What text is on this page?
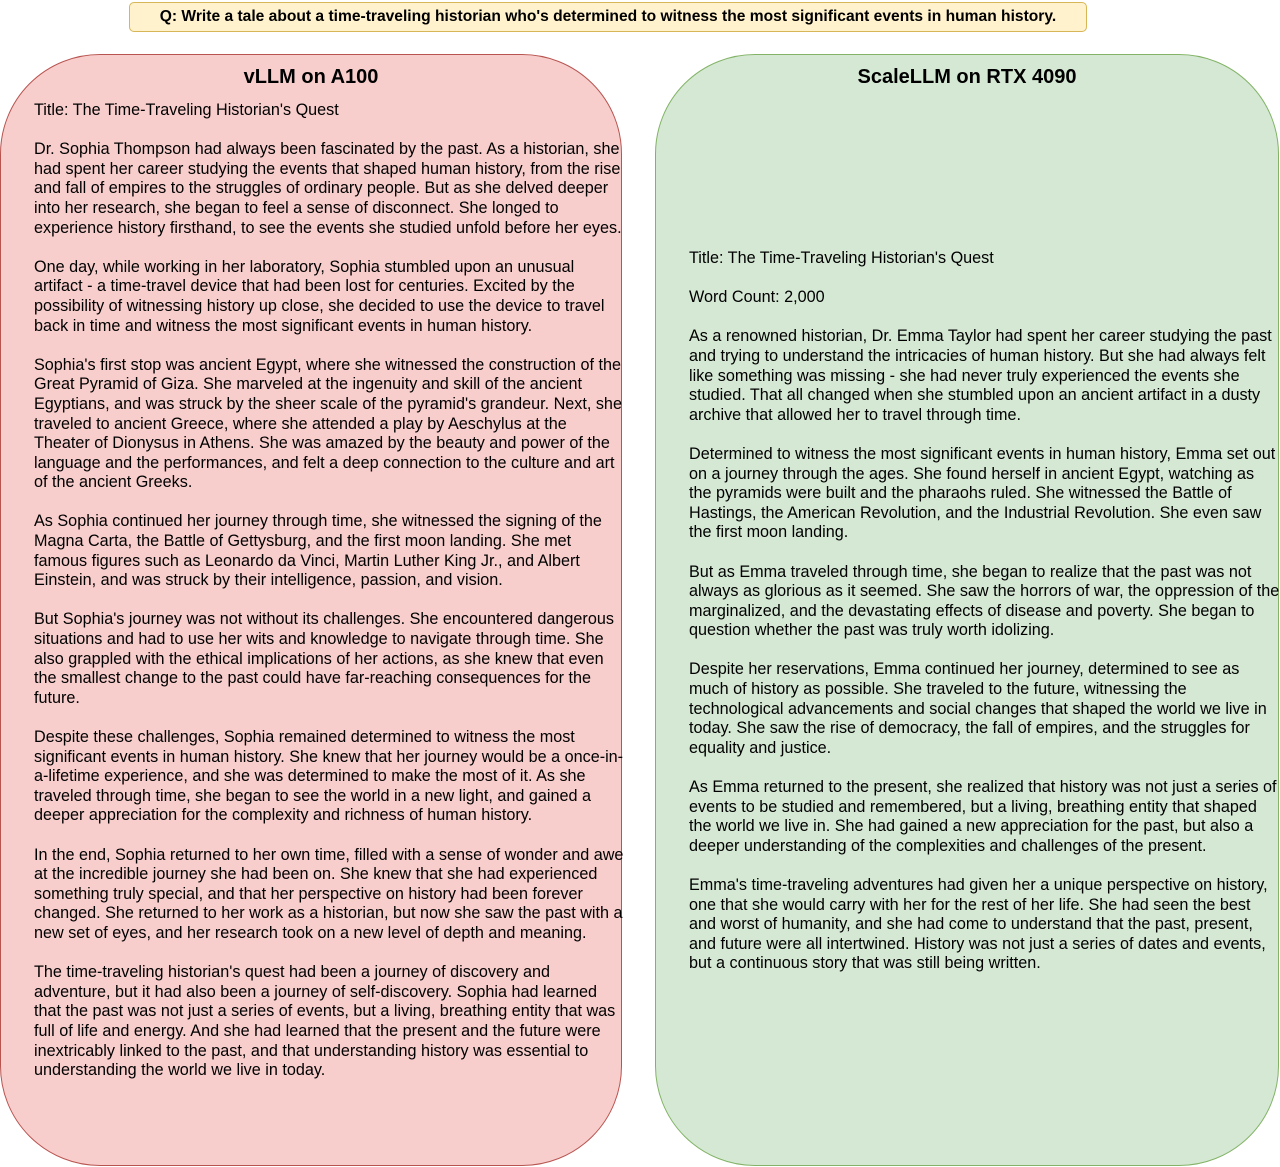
Q: Write a tale about a time-traveling historian who's determined to witness the most significant events in human history.
vLLM on A100

Title: The Time-Traveling Historian's Quest

Dr. Sophia Thompson had always been fascinated by the past. As a historian, she had spent her career studying the events that shaped human history, from the rise and fall of empires to the struggles of ordinary people. But as she delved deeper into her research, she began to feel a sense of disconnect. She longed to experience history firsthand, to see the events she studied unfold before her eyes.

One day, while working in her laboratory, Sophia stumbled upon an unusual artifact - a time-travel device that had been lost for centuries. Excited by the possibility of witnessing history up close, she decided to use the device to travel back in time and witness the most significant events in human history.

Sophia's first stop was ancient Egypt, where she witnessed the construction of the Great Pyramid of Giza. She marveled at the ingenuity and skill of the ancient Egyptians, and was struck by the sheer scale of the pyramid's grandeur. Next, she traveled to ancient Greece, where she attended a play by Aeschylus at the Theater of Dionysus in Athens. She was amazed by the beauty and power of the language and the performances, and felt a deep connection to the culture and art of the ancient Greeks.

As Sophia continued her journey through time, she witnessed the signing of the Magna Carta, the Battle of Gettysburg, and the first moon landing. She met famous figures such as Leonardo da Vinci, Martin Luther King Jr., and Albert Einstein, and was struck by their intelligence, passion, and vision.

But Sophia's journey was not without its challenges. She encountered dangerous situations and had to use her wits and knowledge to navigate through time. She also grappled with the ethical implications of her actions, as she knew that even the smallest change to the past could have far-reaching consequences for the future.

Despite these challenges, Sophia remained determined to witness the most significant events in human history. She knew that her journey would be a once-in-a-lifetime experience, and she was determined to make the most of it. As she traveled through time, she began to see the world in a new light, and gained a deeper appreciation for the complexity and richness of human history.

In the end, Sophia returned to her own time, filled with a sense of wonder and awe at the incredible journey she had been on. She knew that she had experienced something truly special, and that her perspective on history had been forever changed. She returned to her work as a historian, but now she saw the past with a new set of eyes, and her research took on a new level of depth and meaning.

The time-traveling historian's quest had been a journey of discovery and adventure, but it had also been a journey of self-discovery. Sophia had learned that the past was not just a series of events, but a living, breathing entity that was full of life and energy. And she had learned that the present and the future were inextricably linked to the past, and that understanding history was essential to understanding the world we live in today.

ScaleLLM on RTX 4090

Title: The Time-Traveling Historian's Quest

Word Count: 2,000

As a renowned historian, Dr. Emma Taylor had spent her career studying the past and trying to understand the intricacies of human history. But she had always felt like something was missing - she had never truly experienced the events she studied. That all changed when she stumbled upon an ancient artifact in a dusty archive that allowed her to travel through time.

Determined to witness the most significant events in human history, Emma set out on a journey through the ages. She found herself in ancient Egypt, watching as the pyramids were built and the pharaohs ruled. She witnessed the Battle of Hastings, the American Revolution, and the Industrial Revolution. She even saw the first moon landing.

But as Emma traveled through time, she began to realize that the past was not always as glorious as it seemed. She saw the horrors of war, the oppression of the marginalized, and the devastating effects of disease and poverty. She began to question whether the past was truly worth idolizing.

Despite her reservations, Emma continued her journey, determined to see as much of history as possible. She traveled to the future, witnessing the technological advancements and social changes that shaped the world we live in today. She saw the rise of democracy, the fall of empires, and the struggles for equality and justice.

As Emma returned to the present, she realized that history was not just a series of events to be studied and remembered, but a living, breathing entity that shaped the world we live in. She had gained a new appreciation for the past, but also a deeper understanding of the complexities and challenges of the present.

Emma's time-traveling adventures had given her a unique perspective on history, one that she would carry with her for the rest of her life. She had seen the best and worst of humanity, and she had come to understand that the past, present, and future were all intertwined. History was not just a series of dates and events, but a continuous story that was still being written.
